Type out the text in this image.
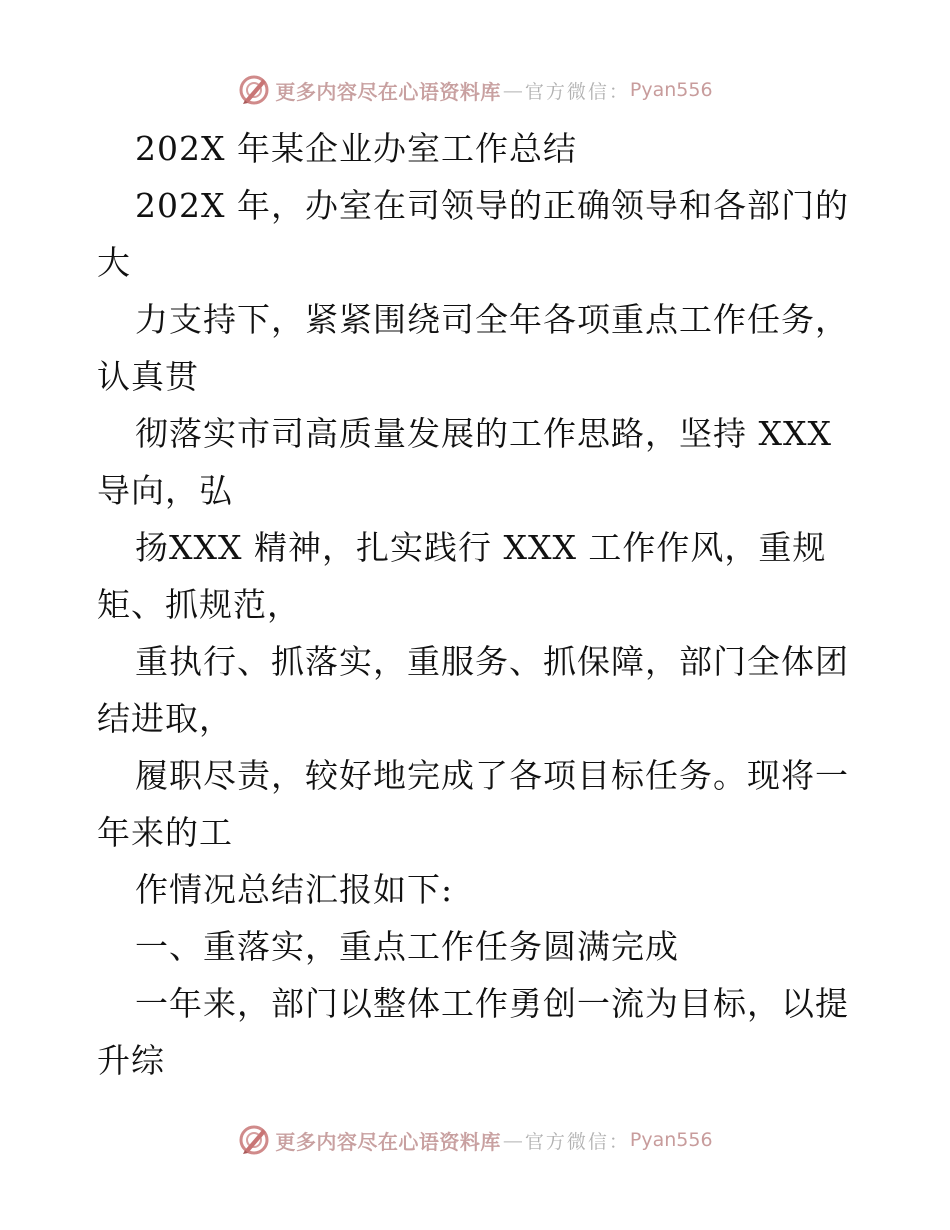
更多内容尽在心语资料库 — 官方微信： Pyan556
202X 年某企业办室工作总结
202X 年，办室在司领导的正确领导和各部门的
大
力支持下，紧紧围绕司全年各项重点工作任务，
认真贯
彻落实市司高质量发展的工作思路，坚持 XXX
导向，弘
扬XXX 精神，扎实践行 XXX 工作作风，重规
矩、抓规范，
重执行、抓落实，重服务、抓保障，部门全体团
结进取，
履职尽责，较好地完成了各项目标任务。现将一
年来的工
作情况总结汇报如下:
一、重落实，重点工作任务圆满完成
一年来，部门以整体工作勇创一流为目标，以提
升综
更多内容尽在心语资料库 — 官方微信： Pyan556
